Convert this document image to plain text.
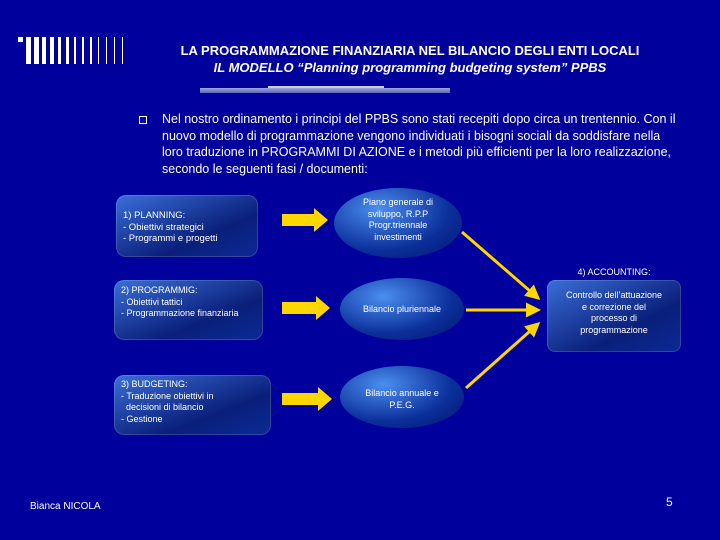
LA PROGRAMMAZIONE FINANZIARIA NEL BILANCIO DEGLI ENTI LOCALI
IL MODELLO “Planning programming budgeting system” PPBS
Nel nostro ordinamento i principi del PPBS sono stati recepiti dopo circa un trentennio. Con il nuovo modello di programmazione vengono individuati i bisogni sociali da soddisfare nella loro traduzione in PROGRAMMI DI AZIONE e i metodi più efficienti per la loro realizzazione, secondo le seguenti fasi / documenti:
1) PLANNING:
- Obiettivi strategici
- Programmi e progetti
2) PROGRAMMIG:
- Obiettivi tattici
- Programmazione finanziaria
3) BUDGETING:
- Traduzione obiettivi in
decisioni di bilancio
- Gestione
Piano generale di
sviluppo, R.P.P
Progr.triennale
investimenti
Bilancio pluriennale
Bilancio annuale e
P.E.G.
4) ACCOUNTING:
Controllo dell’attuazione
e correzione del
processo di
programmazione
Bianca NICOLA	5
